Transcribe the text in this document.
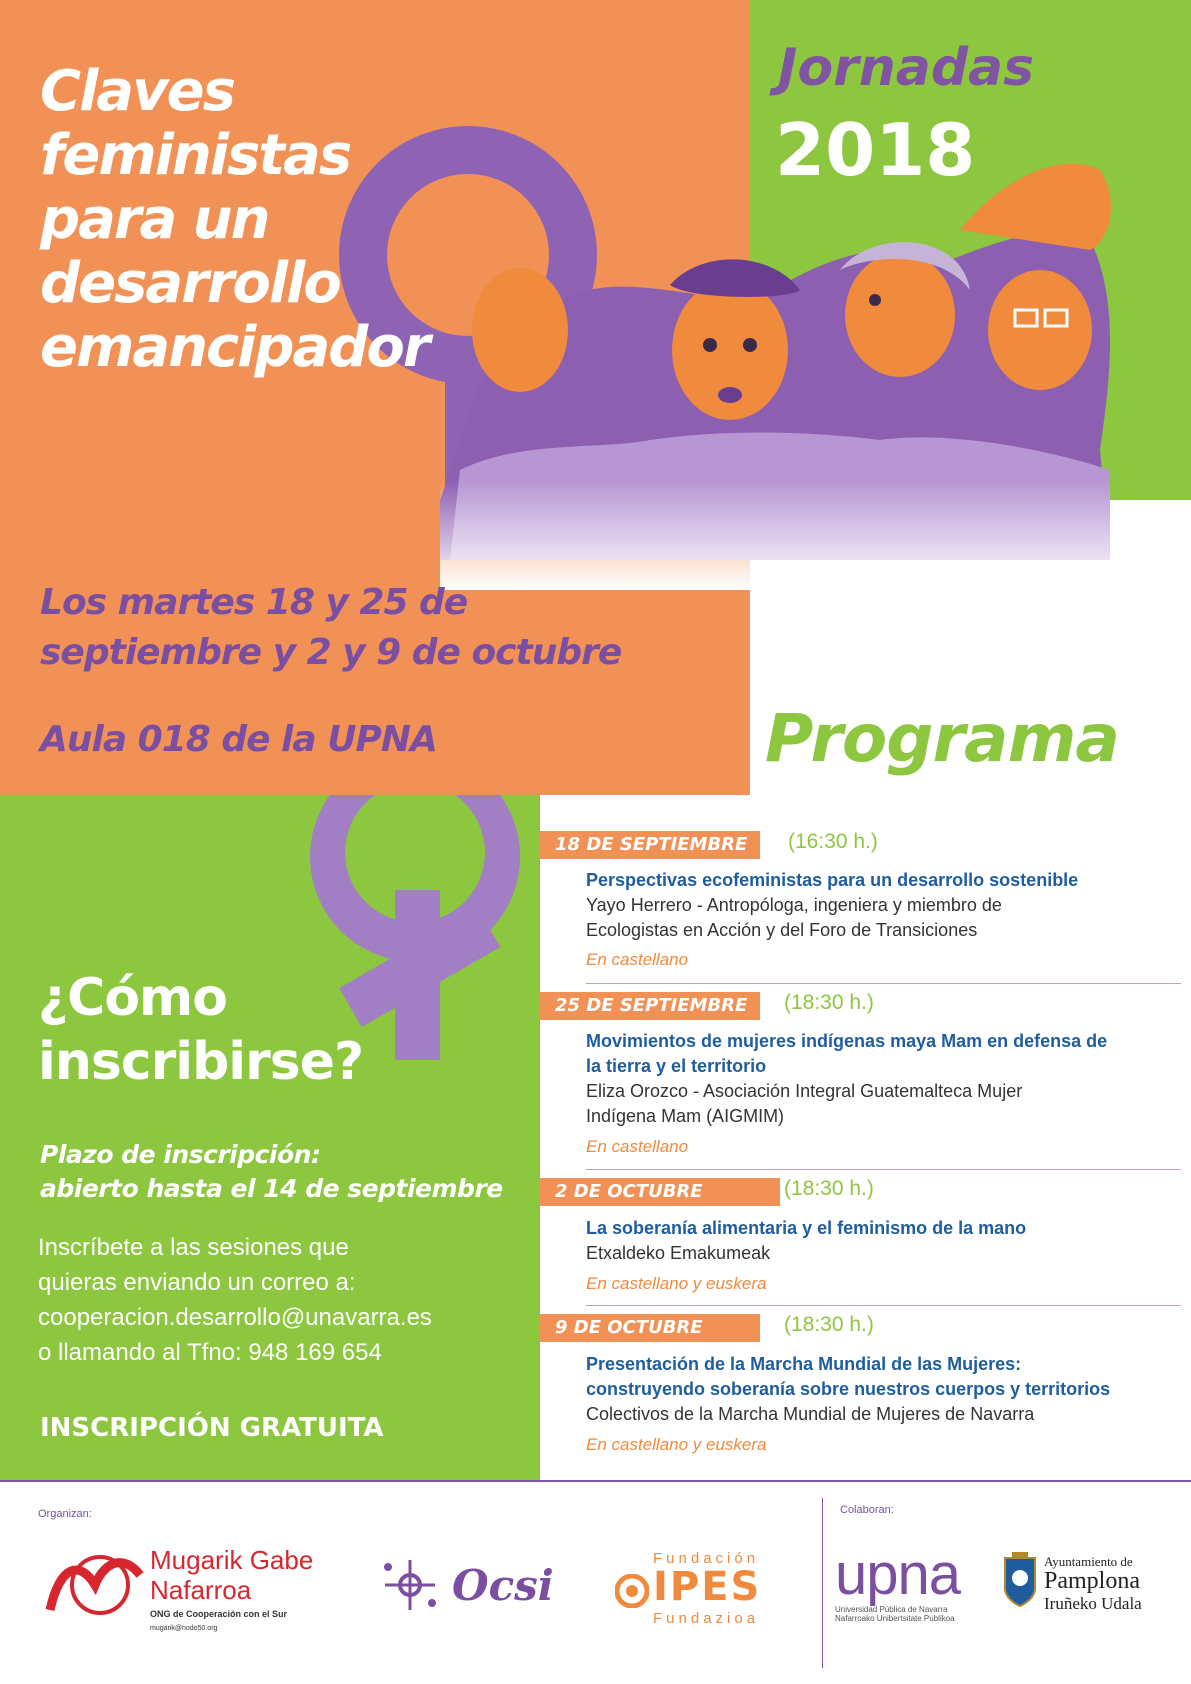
Claves
feministas
para un
desarrollo
emancipador
Jornadas
2018
Los martes 18 y 25 de
septiembre y 2 y 9 de octubre
Aula 018 de la UPNA	Programa
18 DE SEPTIEMBRE	(16:30 h.)
Perspectivas ecofeministas para un desarrollo sostenible
Yayo Herrero - Antropóloga, ingeniera y miembro de
Ecologistas en Acción y del Foro de Transiciones
En castellano
25 DE SEPTIEMBRE	(18:30 h.)
Movimientos de mujeres indígenas maya Mam en defensa de
la tierra y el territorio
Eliza Orozco - Asociación Integral Guatemalteca Mujer
Indígena Mam (AIGMIM)
En castellano
2 DE OCTUBRE	(18:30 h.)
La soberanía alimentaria y el feminismo de la mano
Etxaldeko Emakumeak
En castellano y euskera
9 DE OCTUBRE	(18:30 h.)
Presentación de la Marcha Mundial de las Mujeres:
construyendo soberanía sobre nuestros cuerpos y territorios
Colectivos de la Marcha Mundial de Mujeres de Navarra
En castellano y euskera
¿Cómo
inscribirse?
Plazo de inscripción:
abierto hasta el 14 de septiembre
Inscríbete a las sesiones que
quieras enviando un correo a:
cooperacion.desarrollo@unavarra.es
o llamando al Tfno: 948 169 654
INSCRIPCIÓN GRATUITA
Organizan:	Colaboran:
Mugarik Gabe
Nafarroa
ONG de Cooperación con el Sur
mugarik@nodo50.org
Ocsi
Fundación
IPES
Fundazioa
upna
Universidad Pública de Navarra
Nafarroako Unibertsitate Publikoa
Ayuntamiento de
Pamplona
Iruñeko Udala
